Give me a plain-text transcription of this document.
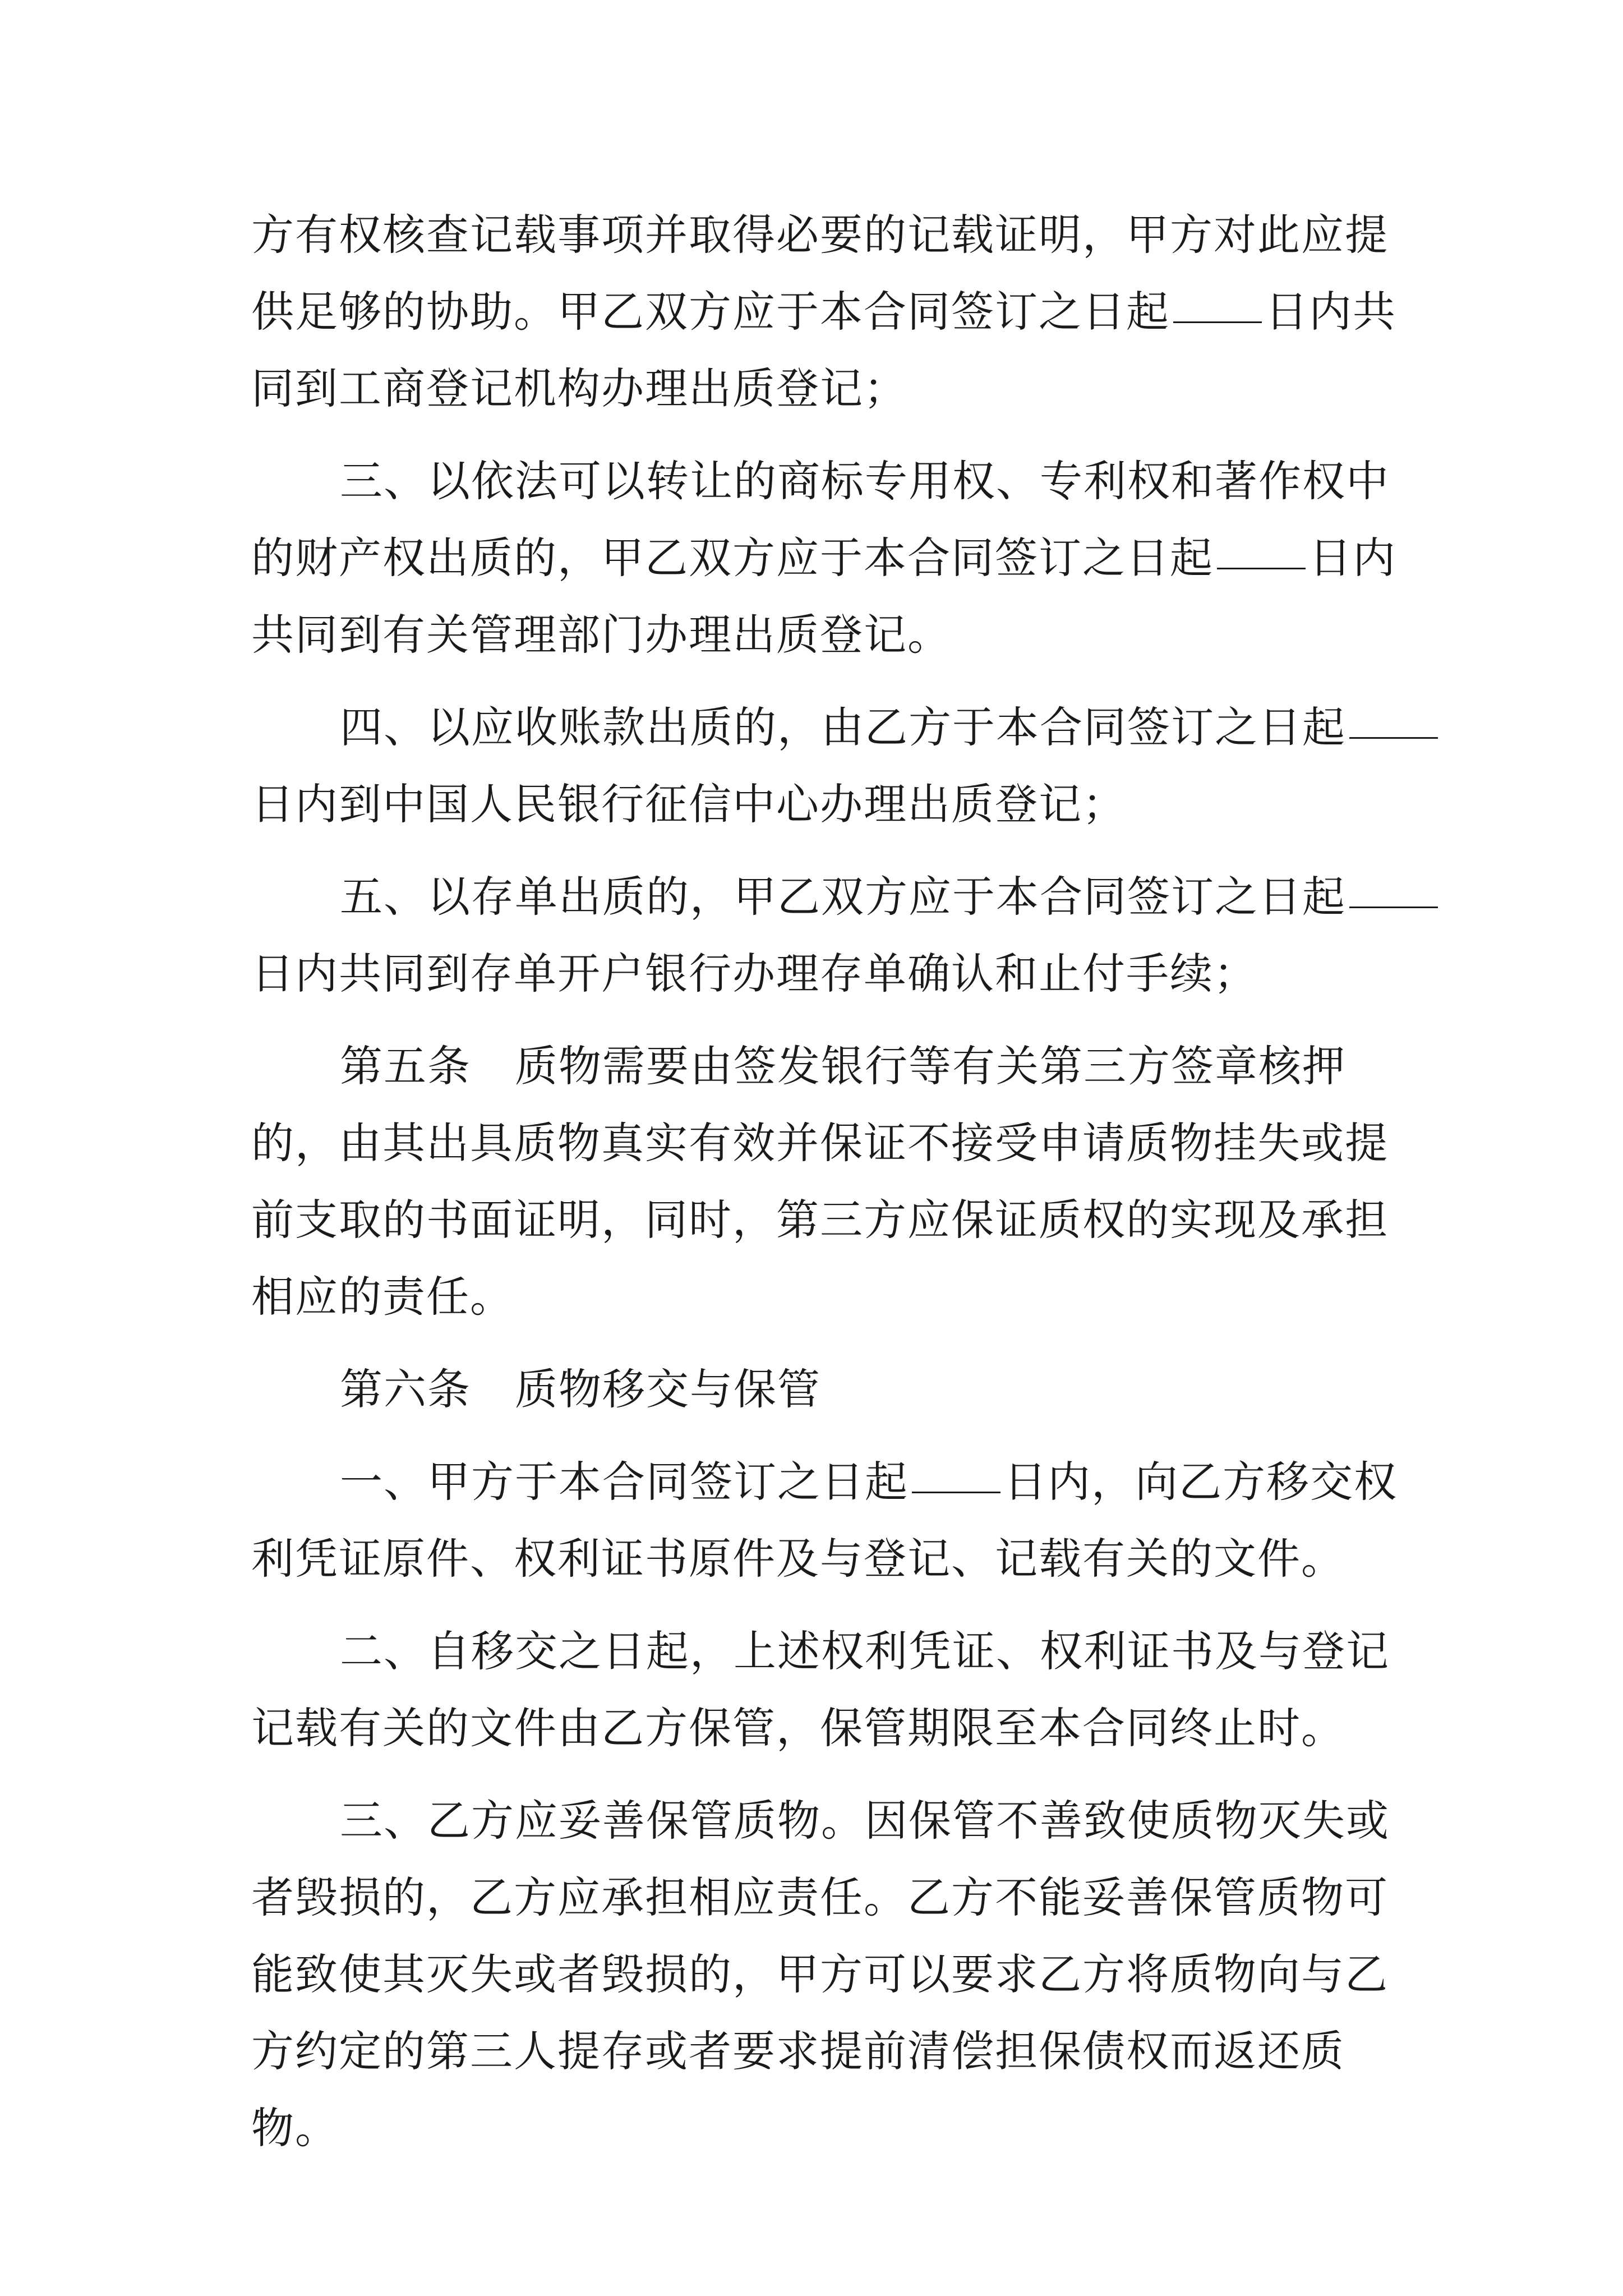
方有权核查记载事项并取得必要的记载证明，甲方对此应提
供足够的协助。甲乙双方应于本合同签订之日起 日内共
同到工商登记机构办理出质登记；
三、以依法可以转让的商标专用权、专利权和著作权中
的财产权出质的，甲乙双方应于本合同签订之日起 日内
共同到有关管理部门办理出质登记。
四、以应收账款出质的，由乙方于本合同签订之日起
日内到中国人民银行征信中心办理出质登记；
五、以存单出质的，甲乙双方应于本合同签订之日起
日内共同到存单开户银行办理存单确认和止付手续；
第五条　质物需要由签发银行等有关第三方签章核押
的，由其出具质物真实有效并保证不接受申请质物挂失或提
前支取的书面证明，同时，第三方应保证质权的实现及承担
相应的责任。
第六条　质物移交与保管
一、甲方于本合同签订之日起 日内，向乙方移交权
利凭证原件、权利证书原件及与登记、记载有关的文件。
二、自移交之日起，上述权利凭证、权利证书及与登记
记载有关的文件由乙方保管，保管期限至本合同终止时。
三、乙方应妥善保管质物。因保管不善致使质物灭失或
者毁损的，乙方应承担相应责任。乙方不能妥善保管质物可
能致使其灭失或者毁损的，甲方可以要求乙方将质物向与乙
方约定的第三人提存或者要求提前清偿担保债权而返还质
物。
